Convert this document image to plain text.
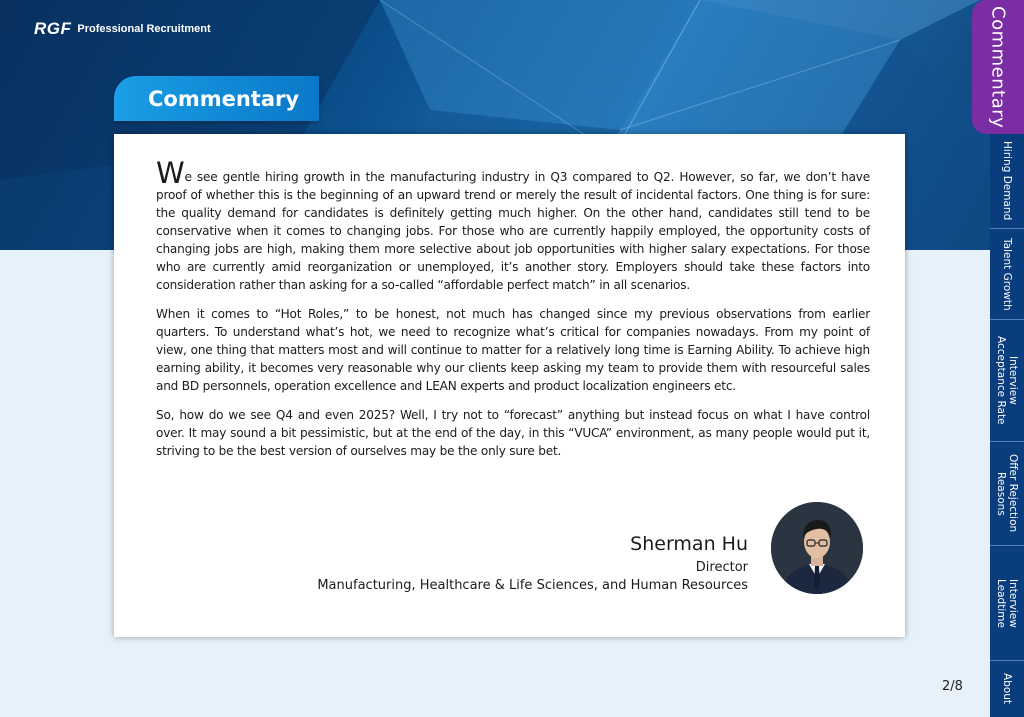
RGF Professional Recruitment
Commentary

We see gentle hiring growth in the manufacturing industry in Q3 compared to Q2. However, so far, we don’t have proof of whether this is the beginning of an upward trend or merely the result of incidental factors. One thing is for sure: the quality demand for candidates is definitely getting much higher. On the other hand, candidates still tend to be conservative when it comes to changing jobs. For those who are currently happily employed, the opportunity costs of changing jobs are high, making them more selective about job opportunities with higher salary expectations. For those who are currently amid reorganization or unemployed, it’s another story. Employers should take these factors into consideration rather than asking for a so-called “affordable perfect match” in all scenarios.

When it comes to “Hot Roles,” to be honest, not much has changed since my previous observations from earlier quarters. To understand what’s hot, we need to recognize what’s critical for companies nowadays. From my point of view, one thing that matters most and will continue to matter for a relatively long time is Earning Ability. To achieve high earning ability, it becomes very reasonable why our clients keep asking my team to provide them with resourceful sales and BD personnels, operation excellence and LEAN experts and product localization engineers etc.

So, how do we see Q4 and even 2025? Well, I try not to “forecast” anything but instead focus on what I have control over. It may sound a bit pessimistic, but at the end of the day, in this “VUCA” environment, as many people would put it, striving to be the best version of ourselves may be the only sure bet.

Sherman Hu
Director
Manufacturing, Healthcare & Life Sciences, and Human Resources
Commentary
Hiring Demand
Talent Growth
Interview
Acceptance Rate
Offer Rejection
Reasons
Interview
Leadtime
About
2/8
